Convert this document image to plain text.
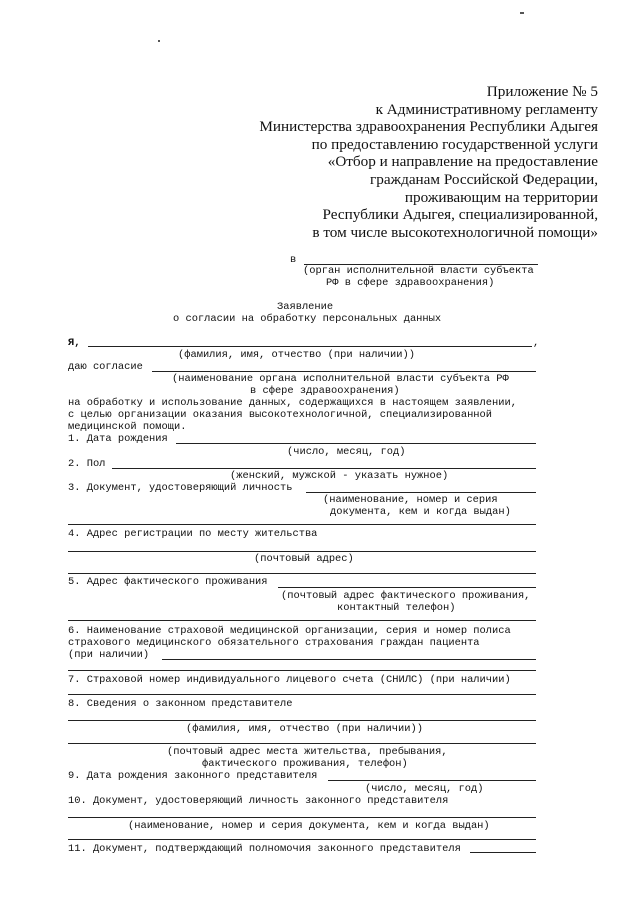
Приложение № 5
к Административному регламенту
Министерства здравоохранения Республики Адыгея
по предоставлению государственной услуги
«Отбор и направление на предоставление
гражданам Российской Федерации,
проживающим на территории
Республики Адыгея, специализированной,
в том числе высокотехнологичной помощи»
в
(орган исполнительной власти субъекта
РФ в сфере здравоохранения)
Заявление
о согласии на обработку персональных данных
Я,	,
(фамилия, имя, отчество (при наличии))
даю согласие
(наименование органа исполнительной власти субъекта РФ
в сфере здравоохранения)
на обработку и использование данных, содержащихся в настоящем заявлении,
с целью организации оказания высокотехнологичной, специализированной
медицинской помощи.
1. Дата рождения
(число, месяц, год)
2. Пол
(женский, мужской - указать нужное)
3. Документ, удостоверяющий личность
(наименование, номер и серия
документа, кем и когда выдан)
4. Адрес регистрации по месту жительства
(почтовый адрес)
5. Адрес фактического проживания
(почтовый адрес фактического проживания,
контактный телефон)
6. Наименование страховой медицинской организации, серия и номер полиса
страхового медицинского обязательного страхования граждан пациента
(при наличии)
7. Страховой номер индивидуального лицевого счета (СНИЛС) (при наличии)
8. Сведения о законном представителе
(фамилия, имя, отчество (при наличии))
(почтовый адрес места жительства, пребывания,
фактического проживания, телефон)
9. Дата рождения законного представителя
(число, месяц, год)
10. Документ, удостоверяющий личность законного представителя
(наименование, номер и серия документа, кем и когда выдан)
11. Документ, подтверждающий полномочия законного представителя
